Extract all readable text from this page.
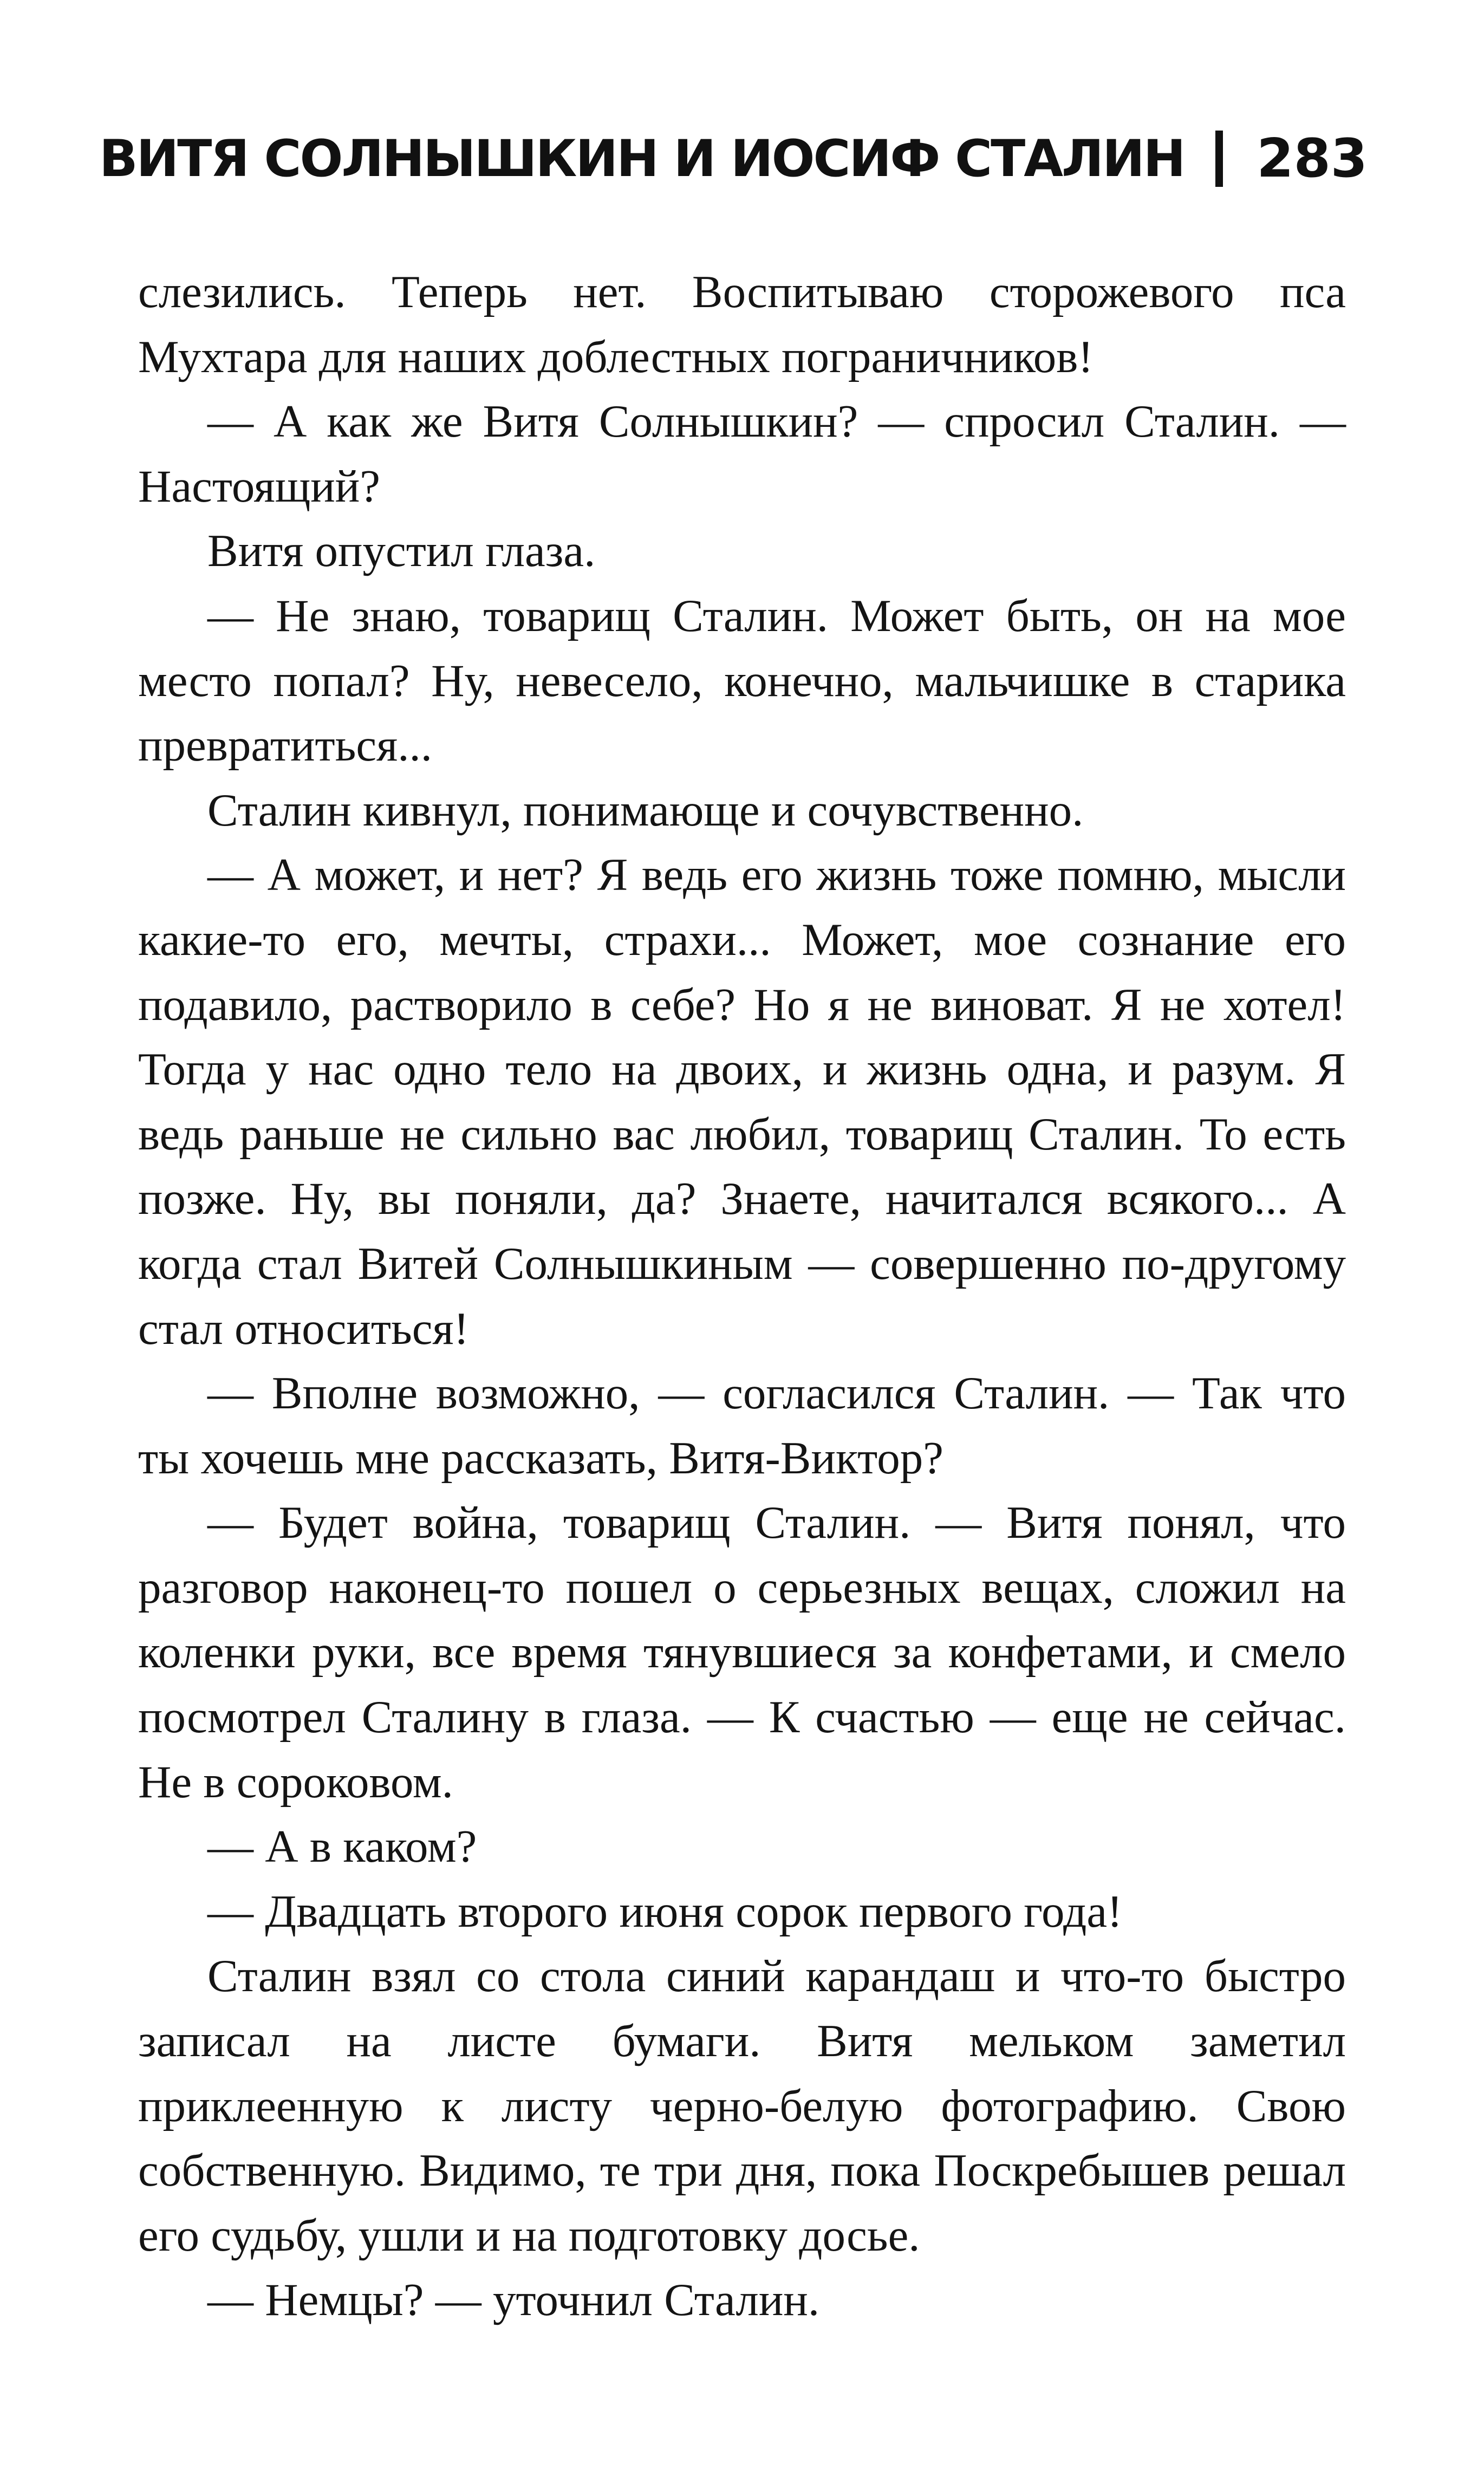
ВИТЯ СОЛНЫШКИН И ИОСИФ СТАЛИН 283

слезились. Теперь нет. Воспитываю сторожевого пса Мухтара для наших доблестных пограничников!

— А как же Витя Солнышкин? — спросил Сталин. — Настоящий?

Витя опустил глаза.

— Не знаю, товарищ Сталин. Может быть, он на мое место попал? Ну, невесело, конечно, мальчишке в старика превратиться...

Сталин кивнул, понимающе и сочувственно.

— А может, и нет? Я ведь его жизнь тоже помню, мысли какие-то его, мечты, страхи... Может, мое сознание его подавило, растворило в себе? Но я не виноват. Я не хотел! Тогда у нас одно тело на двоих, и жизнь одна, и разум. Я ведь раньше не сильно вас любил, товарищ Сталин. То есть позже. Ну, вы поняли, да? Знаете, начитался всякого... А когда стал Витей Солнышкиным — совершенно по-другому стал относиться!

— Вполне возможно, — согласился Сталин. — Так что ты хочешь мне рассказать, Витя-Виктор?

— Будет война, товарищ Сталин. — Витя понял, что разговор наконец-то пошел о серьезных вещах, сложил на коленки руки, все время тянувшиеся за конфетами, и смело посмотрел Сталину в глаза. — К счастью — еще не сейчас. Не в сороковом.

— А в каком?

— Двадцать второго июня сорок первого года!

Сталин взял со стола синий карандаш и что-то быстро записал на листе бумаги. Витя мельком заметил приклеенную к листу черно-белую фотографию. Свою собственную. Видимо, те три дня, пока Поскребышев решал его судьбу, ушли и на подготовку досье.

— Немцы? — уточнил Сталин.
